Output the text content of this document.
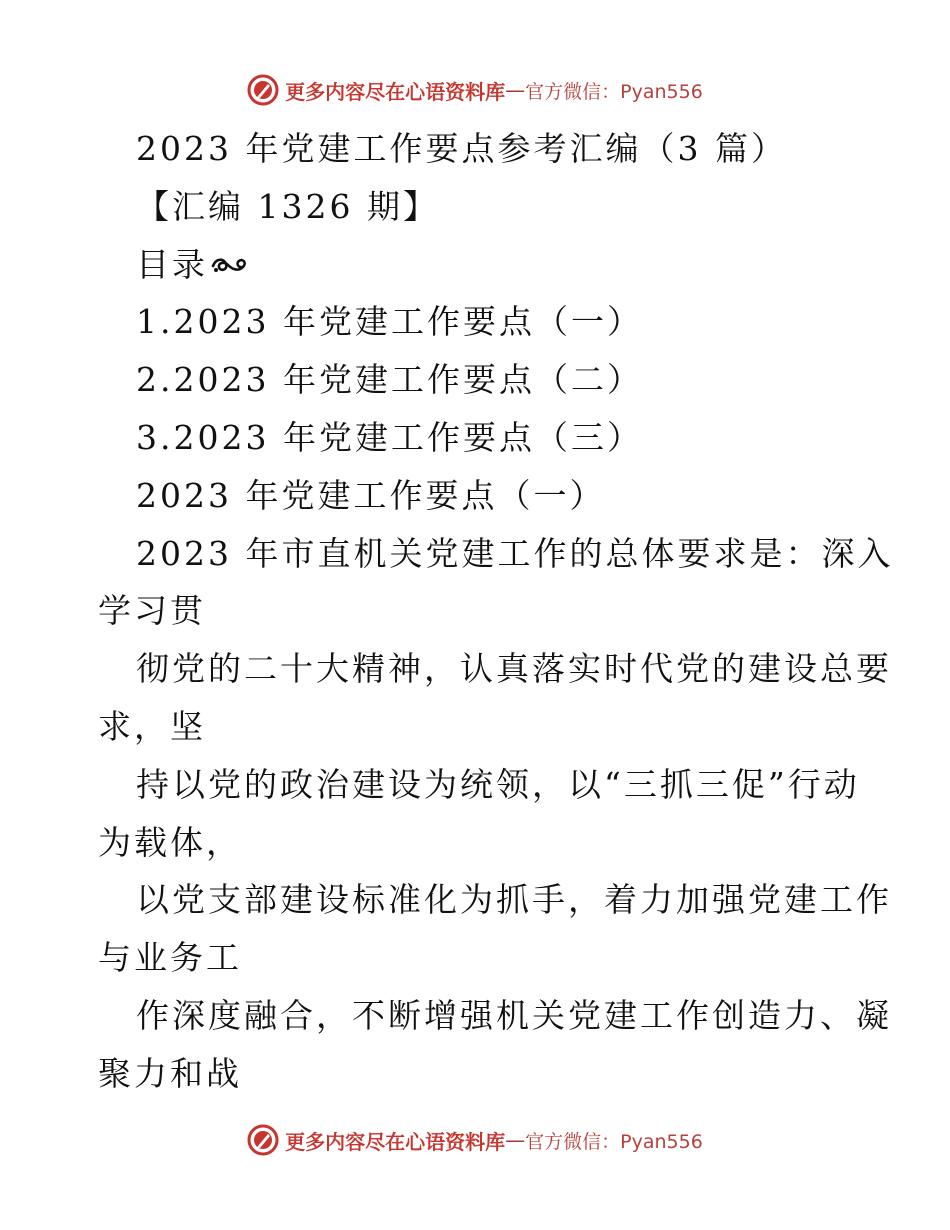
更多内容尽在心语资料库 — 官方微信：Pyan556
2023 年党建工作要点参考汇编（3 篇）
【汇编 1326 期】
目录
1.2023 年党建工作要点（一）
2.2023 年党建工作要点（二）
3.2023 年党建工作要点（三）
2023 年党建工作要点（一）
2023 年市直机关党建工作的总体要求是：深入
学习贯
彻党的二十大精神，认真落实时代党的建设总要
求，坚
持以党的政治建设为统领，以“三抓三促”行动
为载体，
以党支部建设标准化为抓手，着力加强党建工作
与业务工
作深度融合，不断增强机关党建工作创造力、凝
聚力和战
更多内容尽在心语资料库 — 官方微信：Pyan556
